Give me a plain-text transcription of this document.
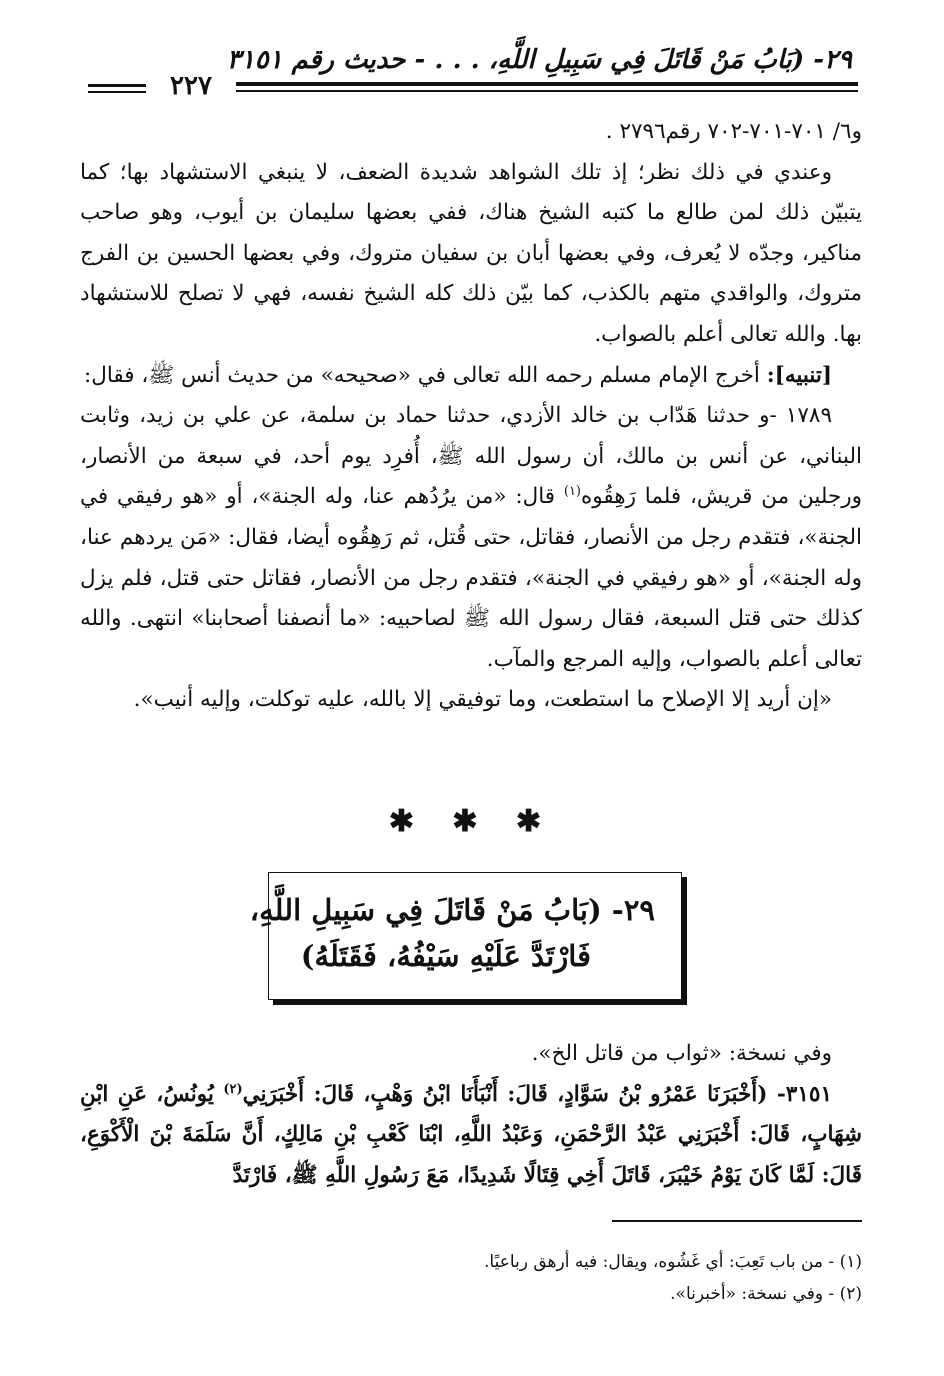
٢٩- (بَابُ مَنْ قَاتَلَ فِي سَبِيلِ اللَّهِ، . . . - حديث رقم ٣١٥١
٢٢٧

و٦/ ٧٠١-٧٠١-٧٠٢ رقم٢٧٩٦ .

وعندي في ذلك نظر؛ إذ تلك الشواهد شديدة الضعف، لا ينبغي الاستشهاد بها؛ كما يتبيّن ذلك لمن طالع ما كتبه الشيخ هناك، ففي بعضها سليمان بن أيوب، وهو صاحب مناكير، وجدّه لا يُعرف، وفي بعضها أبان بن سفيان متروك، وفي بعضها الحسين بن الفرج متروك، والواقدي متهم بالكذب، كما بيّن ذلك كله الشيخ نفسه، فهي لا تصلح للاستشهاد بها. والله تعالى أعلم بالصواب.

[تنبيه]: أخرج الإمام مسلم رحمه الله تعالى في «صحيحه» من حديث أنس ﷺ، فقال:

١٧٨٩ -و حدثنا هَدّاب بن خالد الأزدي، حدثنا حماد بن سلمة، عن علي بن زيد، وثابت البناني، عن أنس بن مالك، أن رسول الله ﷺ، أُفرِد يوم أحد، في سبعة من الأنصار، ورجلين من قريش، فلما رَهِقُوه$^{(١)}$ قال: «من يرُدُهم عنا، وله الجنة»، أو «هو رفيقي في الجنة»، فتقدم رجل من الأنصار، فقاتل، حتى قُتل، ثم رَهِقُوه أيضا، فقال: «مَن يردهم عنا، وله الجنة»، أو «هو رفيقي في الجنة»، فتقدم رجل من الأنصار، فقاتل حتى قتل، فلم يزل كذلك حتى قتل السبعة، فقال رسول الله ﷺ لصاحبيه: «ما أنصفنا أصحابنا» انتهى. والله تعالى أعلم بالصواب، وإليه المرجع والمآب.

«إن أريد إلا الإصلاح ما استطعت، وما توفيقي إلا بالله، عليه توكلت، وإليه أنيب».

✱ ✱ ✱
٢٩- (بَابُ مَنْ قَاتَلَ فِي سَبِيلِ اللَّهِ،
فَارْتَدَّ عَلَيْهِ سَيْفُهُ، فَقَتَلَهُ)

وفي نسخة: «ثواب من قاتل الخ».

٣١٥١- (أَخْبَرَنَا عَمْرُو بْنُ سَوَّادٍ، قَالَ: أَنْبَأَنَا ابْنُ وَهْبٍ، قَالَ: أَخْبَرَنِي$^{(٢)}$ يُونُسُ، عَنِ ابْنِ شِهَابٍ، قَالَ: أَخْبَرَنِي عَبْدُ الرَّحْمَنِ، وَعَبْدُ اللَّهِ، ابْنَا كَعْبِ بْنِ مَالِكٍ، أَنَّ سَلَمَةَ بْنَ الْأَكْوَعِ، قَالَ: لَمَّا كَانَ يَوْمُ خَيْبَرَ، قَاتَلَ أَخِي قِتَالًا شَدِيدًا، مَعَ رَسُولِ اللَّهِ ﷺ، فَارْتَدَّ

(١) - من باب تَعِبَ: أي غَشُوه، ويقال: فيه أرهق رباعيًا.

(٢) - وفي نسخة: «أخبرنا».
